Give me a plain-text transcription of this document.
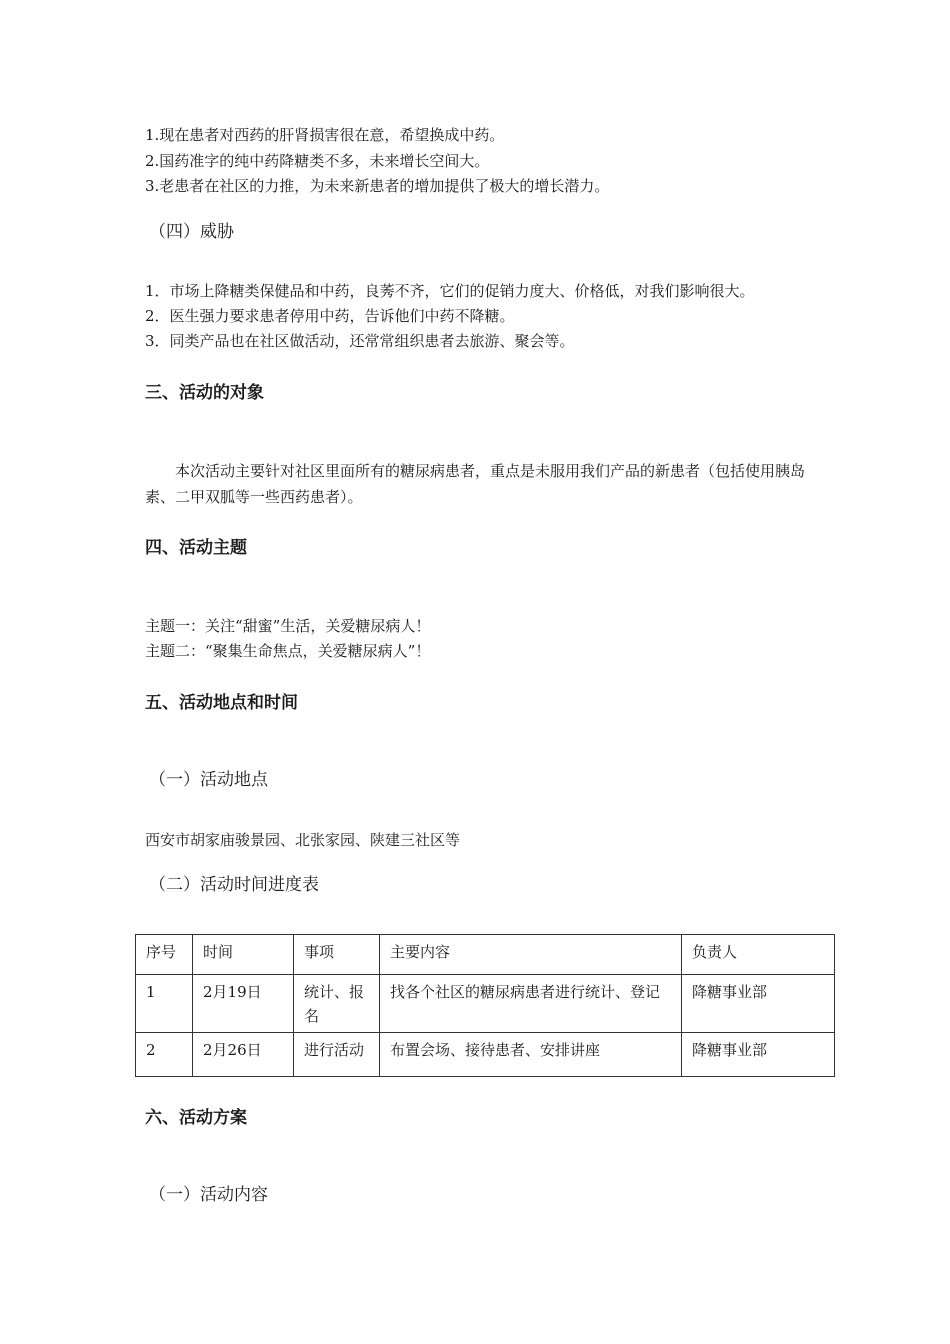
1.现在患者对西药的肝肾损害很在意，希望换成中药。
2.国药准字的纯中药降糖类不多，未来增长空间大。
3.老患者在社区的力推，为未来新患者的增加提供了极大的增长潜力。
（四）威胁
1．市场上降糖类保健品和中药，良莠不齐，它们的促销力度大、价格低，对我们影响很大。
2．医生强力要求患者停用中药，告诉他们中药不降糖。
3．同类产品也在社区做活动，还常常组织患者去旅游、聚会等。
三、活动的对象
本次活动主要针对社区里面所有的糖尿病患者，重点是未服用我们产品的新患者（包括使用胰岛素、二甲双胍等一些西药患者）。
四、活动主题
主题一：关注“甜蜜”生活，关爱糖尿病人！
主题二：“聚集生命焦点，关爱糖尿病人”！
五、活动地点和时间
（一）活动地点
西安市胡家庙骏景园、北张家园、陕建三社区等
（二）活动时间进度表
序号	时间	事项	主要内容	负责人
1	2月19日	统计、报名	找各个社区的糖尿病患者进行统计、登记	降糖事业部
2	2月26日	进行活动	布置会场、接待患者、安排讲座	降糖事业部
六、活动方案
（一）活动内容
